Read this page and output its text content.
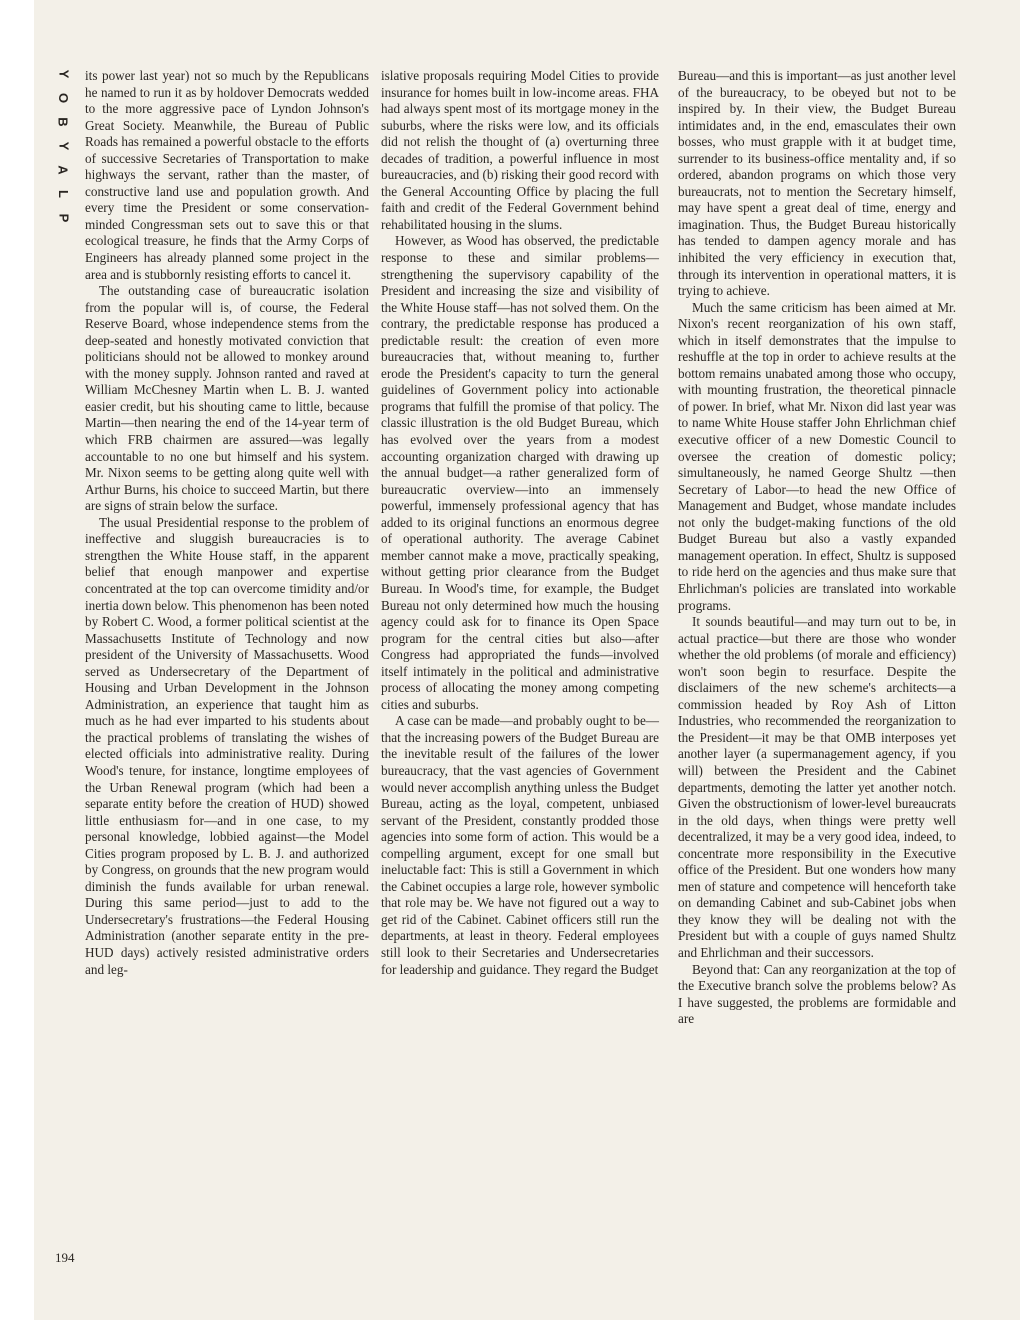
Y
O
B
Y
A
L
P
194

its power last year) not so much by the Republicans he named to run it as by holdover Democrats wedded to the more aggressive pace of Lyndon Johnson's Great Society. Meanwhile, the Bureau of Public Roads has remained a powerful obstacle to the efforts of successive Secretaries of Transportation to make highways the servant, rather than the master, of constructive land use and population growth. And every time the President or some conservation-minded Congressman sets out to save this or that ecological treasure, he finds that the Army Corps of Engineers has already planned some project in the area and is stubbornly resisting efforts to cancel it.

The outstanding case of bureaucratic isolation from the popular will is, of course, the Federal Reserve Board, whose independence stems from the deep-seated and honestly motivated conviction that politicians should not be allowed to monkey around with the money supply. Johnson ranted and raved at William McChesney Martin when L. B. J. wanted easier credit, but his shouting came to little, because Martin—then nearing the end of the 14-year term of which FRB chairmen are assured—was legally accountable to no one but himself and his system. Mr. Nixon seems to be getting along quite well with Arthur Burns, his choice to succeed Martin, but there are signs of strain below the surface.

The usual Presidential response to the problem of ineffective and sluggish bureaucracies is to strengthen the White House staff, in the apparent belief that enough manpower and expertise concentrated at the top can overcome timidity and/or inertia down below. This phenomenon has been noted by Robert C. Wood, a former political scientist at the Massachusetts Institute of Technology and now president of the University of Massachusetts. Wood served as Undersecretary of the Department of Housing and Urban Development in the Johnson Administration, an experience that taught him as much as he had ever imparted to his students about the practical problems of translating the wishes of elected officials into administrative reality. During Wood's tenure, for instance, longtime employees of the Urban Renewal program (which had been a separate entity before the creation of HUD) showed little enthusiasm for—and in one case, to my personal knowledge, lobbied against—the Model Cities program proposed by L. B. J. and authorized by Congress, on grounds that the new program would diminish the funds available for urban renewal. During this same period—just to add to the Undersecretary's frustrations—the Federal Housing Administration (another separate entity in the pre-HUD days) actively resisted administrative orders and leg-

islative proposals requiring Model Cities to provide insurance for homes built in low-income areas. FHA had always spent most of its mortgage money in the suburbs, where the risks were low, and its officials did not relish the thought of (a) overturning three decades of tradition, a powerful influence in most bureaucracies, and (b) risking their good record with the General Accounting Office by placing the full faith and credit of the Federal Government behind rehabilitated housing in the slums.

However, as Wood has observed, the predictable response to these and similar problems—strengthening the supervisory capability of the President and increasing the size and visibility of the White House staff—has not solved them. On the contrary, the predictable response has produced a predictable result: the creation of even more bureaucracies that, without meaning to, further erode the President's capacity to turn the general guidelines of Government policy into actionable programs that fulfill the promise of that policy. The classic illustration is the old Budget Bureau, which has evolved over the years from a modest accounting organization charged with drawing up the annual budget—a rather generalized form of bureaucratic overview—into an immensely powerful, immensely professional agency that has added to its original functions an enormous degree of operational authority. The average Cabinet member cannot make a move, practically speaking, without getting prior clearance from the Budget Bureau. In Wood's time, for example, the Budget Bureau not only determined how much the housing agency could ask for to finance its Open Space program for the central cities but also—after Congress had appropriated the funds—involved itself intimately in the political and administrative process of allocating the money among competing cities and suburbs.

A case can be made—and probably ought to be—that the increasing powers of the Budget Bureau are the inevitable result of the failures of the lower bureaucracy, that the vast agencies of Government would never accomplish anything unless the Budget Bureau, acting as the loyal, competent, unbiased servant of the President, constantly prodded those agencies into some form of action. This would be a compelling argument, except for one small but ineluctable fact: This is still a Government in which the Cabinet occupies a large role, however symbolic that role may be. We have not figured out a way to get rid of the Cabinet. Cabinet officers still run the departments, at least in theory. Federal employees still look to their Secretaries and Undersecretaries for leadership and guidance. They regard the Budget

Bureau—and this is important—as just another level of the bureaucracy, to be obeyed but not to be inspired by. In their view, the Budget Bureau intimidates and, in the end, emasculates their own bosses, who must grapple with it at budget time, surrender to its business-office mentality and, if so ordered, abandon programs on which those very bureaucrats, not to mention the Secretary himself, may have spent a great deal of time, energy and imagination. Thus, the Budget Bureau historically has tended to dampen agency morale and has inhibited the very efficiency in execution that, through its intervention in operational matters, it is trying to achieve.

Much the same criticism has been aimed at Mr. Nixon's recent reorganization of his own staff, which in itself demonstrates that the impulse to reshuffle at the top in order to achieve results at the bottom remains unabated among those who occupy, with mounting frustration, the theoretical pinnacle of power. In brief, what Mr. Nixon did last year was to name White House staffer John Ehrlichman chief executive officer of a new Domestic Council to oversee the creation of domestic policy; simultaneously, he named George Shultz —then Secretary of Labor—to head the new Office of Management and Budget, whose mandate includes not only the budget-making functions of the old Budget Bureau but also a vastly expanded management operation. In effect, Shultz is supposed to ride herd on the agencies and thus make sure that Ehrlichman's policies are translated into workable programs.

It sounds beautiful—and may turn out to be, in actual practice—but there are those who wonder whether the old problems (of morale and efficiency) won't soon begin to resurface. Despite the disclaimers of the new scheme's architects—a commission headed by Roy Ash of Litton Industries, who recommended the reorganization to the President—it may be that OMB interposes yet another layer (a supermanagement agency, if you will) between the President and the Cabinet departments, demoting the latter yet another notch. Given the obstructionism of lower-level bureaucrats in the old days, when things were pretty well decentralized, it may be a very good idea, indeed, to concentrate more responsibility in the Executive office of the President. But one wonders how many men of stature and competence will henceforth take on demanding Cabinet and sub-Cabinet jobs when they know they will be dealing not with the President but with a couple of guys named Shultz and Ehrlichman and their successors.

Beyond that: Can any reorganization at the top of the Executive branch solve the problems below? As I have suggested, the problems are formidable and are
